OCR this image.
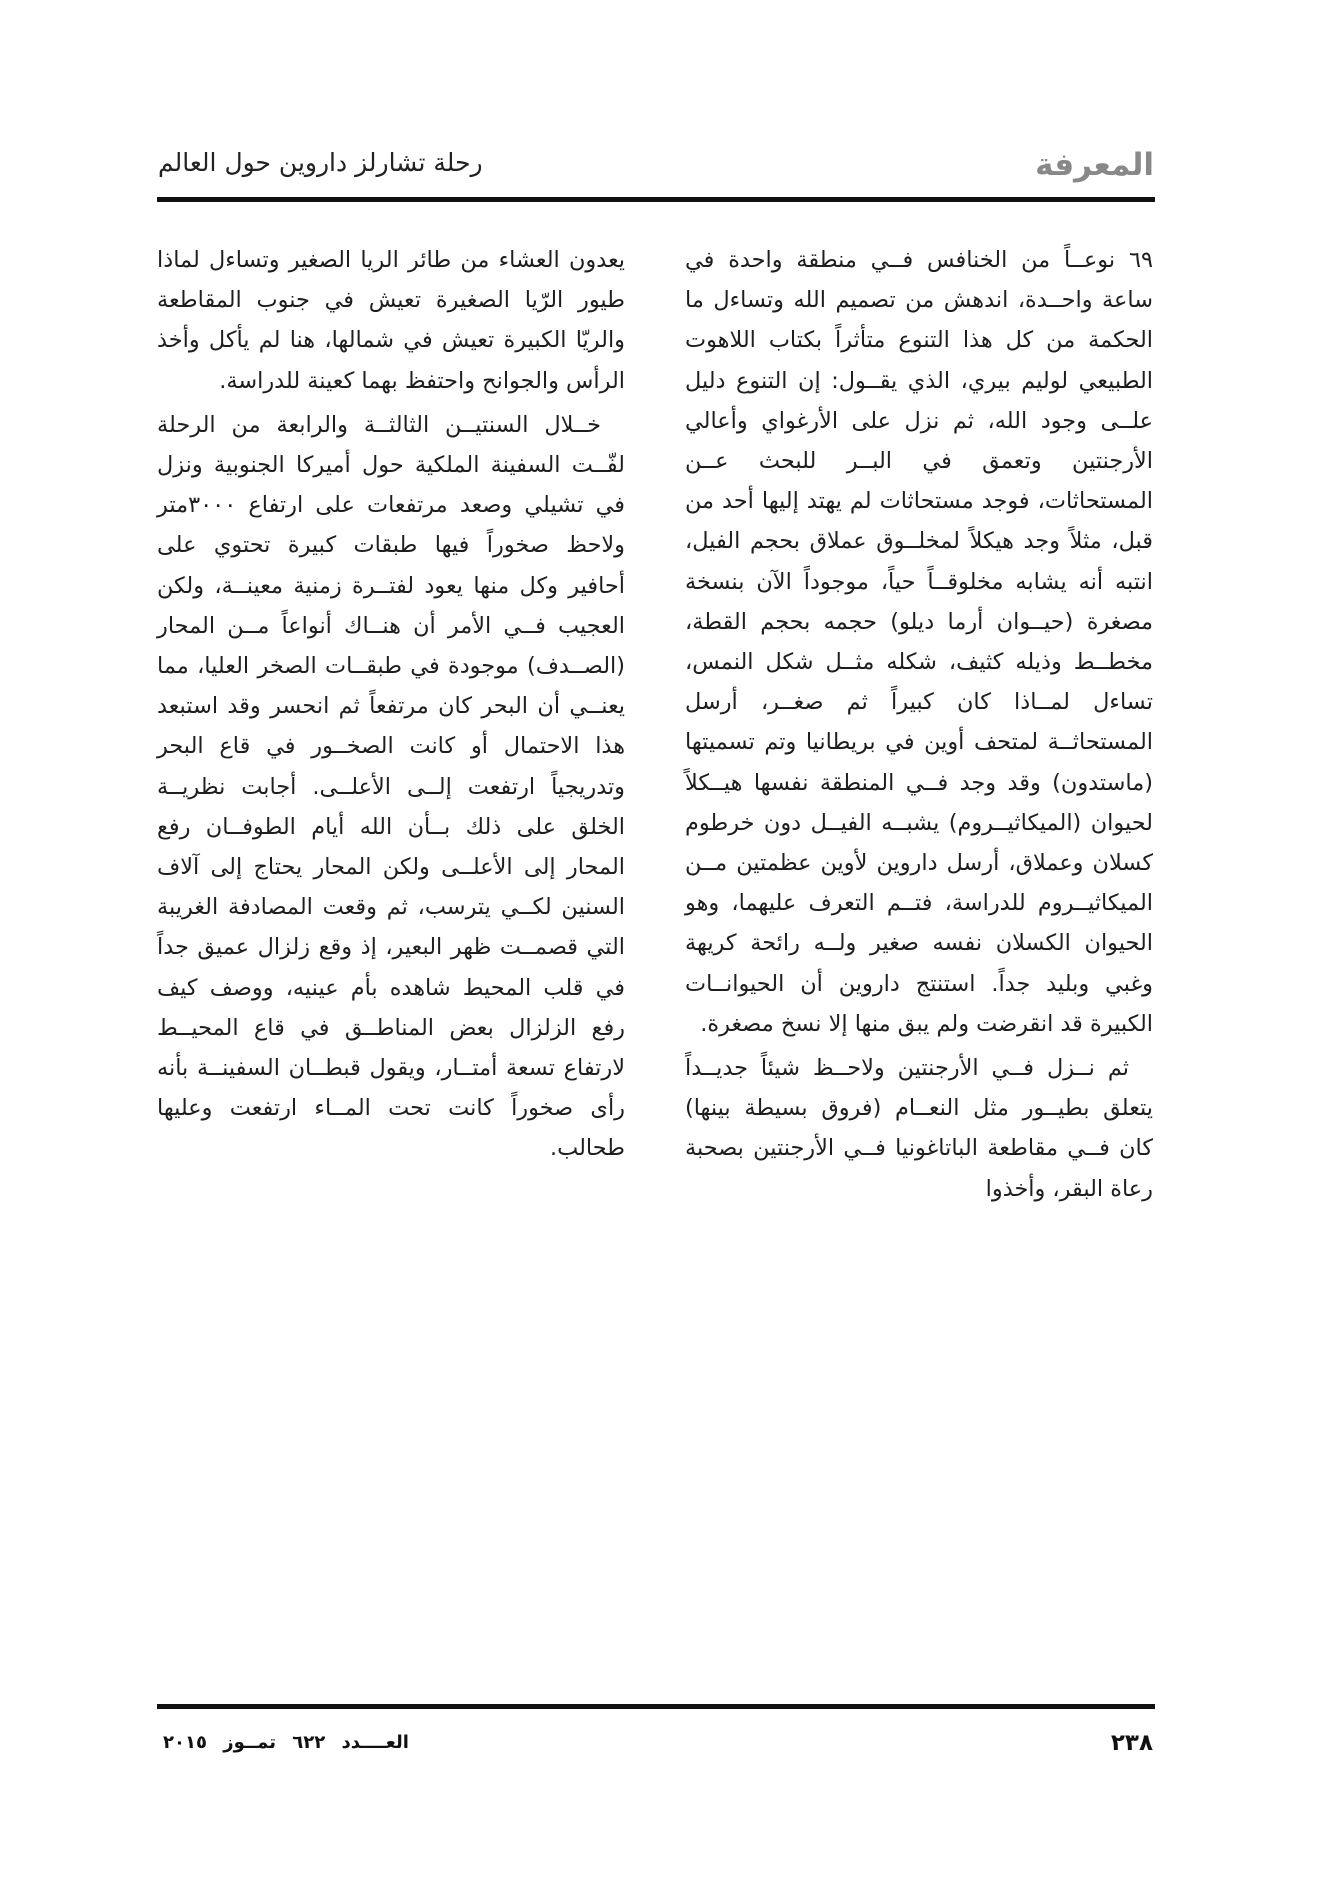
رحلة تشارلز داروين حول العالم	المعرفة

٦٩ نوعــاً من الخنافس فــي منطقة واحدة في ساعة واحــدة، اندهش من تصميم الله وتساءل ما الحكمة من كل هذا التنوع متأثراً بكتاب اللاهوت الطبيعي لوليم بيري، الذي يقــول: إن التنوع دليل علــى وجود الله، ثم نزل على الأرغواي وأعالي الأرجنتين وتعمق في البــر للبحث عــن المستحاثات، فوجد مستحاثات لم يهتد إليها أحد من قبل، مثلاً وجد هيكلاً لمخلــوق عملاق بحجم الفيل، انتبه أنه يشابه مخلوقــاً حياً، موجوداً الآن بنسخة مصغرة (حيــوان أرما ديلو) حجمه بحجم القطة، مخطــط وذيله كثيف، شكله مثــل شكل النمس، تساءل لمــاذا كان كبيراً ثم صغــر، أرسل المستحاثــة لمتحف أوين في بريطانيا وتم تسميتها (ماستدون) وقد وجد فــي المنطقة نفسها هيــكلاً لحيوان (الميكاثيــروم) يشبــه الفيــل دون خرطوم كسلان وعملاق، أرسل داروين لأوين عظمتين مــن الميكاثيــروم للدراسة، فتــم التعرف عليهما، وهو الحيوان الكسلان نفسه صغير ولــه رائحة كريهة وغبي وبليد جداً. استنتج داروين أن الحيوانــات الكبيرة قد انقرضت ولم يبق منها إلا نسخ مصغرة.

ثم نــزل فــي الأرجنتين ولاحــظ شيئاً جديــداً يتعلق بطيــور مثل النعــام (فروق بسيطة بينها) كان فــي مقاطعة الباتاغونيا فــي الأرجنتين بصحبة رعاة البقر، وأخذوا

يعدون العشاء من طائر الريا الصغير وتساءل لماذا طيور الرّيا الصغيرة تعيش في جنوب المقاطعة والريّا الكبيرة تعيش في شمالها، هنا لم يأكل وأخذ الرأس والجوانح واحتفظ بهما كعينة للدراسة.

خــلال السنتيــن الثالثــة والرابعة من الرحلة لفّــت السفينة الملكية حول أميركا الجنوبية ونزل في تشيلي وصعد مرتفعات على ارتفاع ٣٠٠٠متر ولاحظ صخوراً فيها طبقات كبيرة تحتوي على أحافير وكل منها يعود لفتــرة زمنية معينــة، ولكن العجيب فــي الأمر أن هنــاك أنواعاً مــن المحار (الصــدف) موجودة في طبقــات الصخر العليا، مما يعنــي أن البحر كان مرتفعاً ثم انحسر وقد استبعد هذا الاحتمال أو كانت الصخــور في قاع البحر وتدريجياً ارتفعت إلــى الأعلــى. أجابت نظريــة الخلق على ذلك بــأن الله أيام الطوفــان رفع المحار إلى الأعلــى ولكن المحار يحتاج إلى آلاف السنين لكــي يترسب، ثم وقعت المصادفة الغريبة التي قصمــت ظهر البعير، إذ وقع زلزال عميق جداً في قلب المحيط شاهده بأم عينيه، ووصف كيف رفع الزلزال بعض المناطــق في قاع المحيــط لارتفاع تسعة أمتــار، ويقول قبطــان السفينــة بأنه رأى صخوراً كانت تحت المــاء ارتفعت وعليها طحالب.

٢٣٨
العــــدد ٦٢٢ تمــوز ٢٠١٥
